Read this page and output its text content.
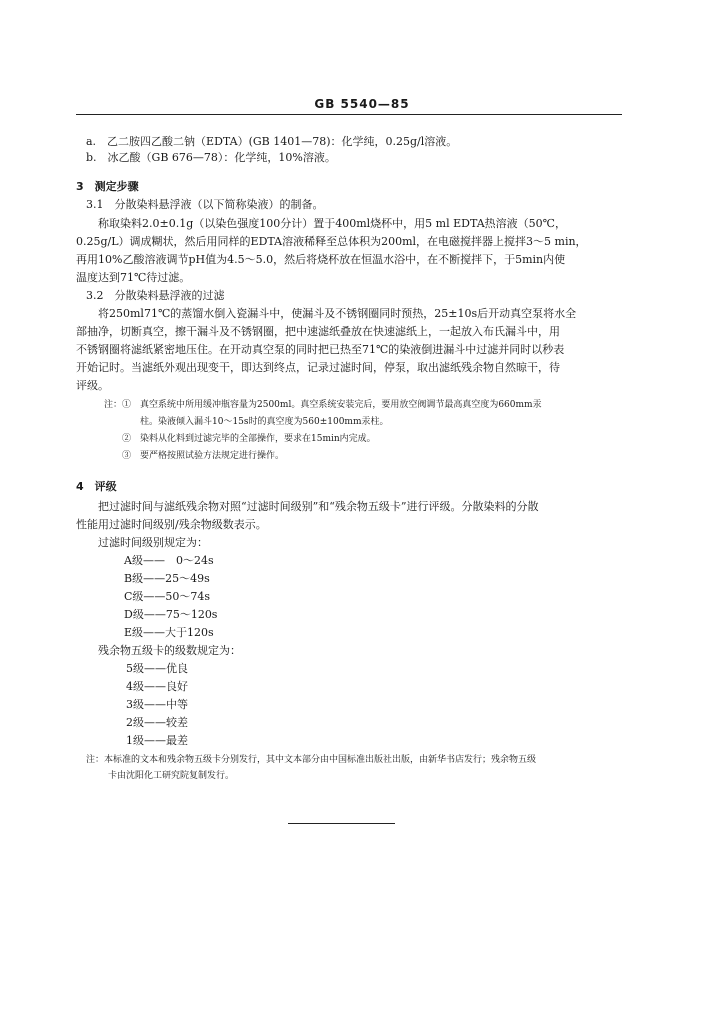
GB 5540—85
a.　乙二胺四乙酸二钠（EDTA）(GB 1401—78)：化学纯，0.25g/l溶液。
b.　冰乙酸（GB 676—78）：化学纯，10%溶液。
3　测定步骤
3.1　分散染料悬浮液（以下简称染液）的制备。
称取染料2.0±0.1g（以染色强度100分计）置于400ml烧杯中，用5 ml EDTA热溶液（50℃，
0.25g/L）调成糊状，然后用同样的EDTA溶液稀释至总体积为200ml，在电磁搅拌器上搅拌3～5 min，
再用10%乙酸溶液调节pH值为4.5～5.0，然后将烧杯放在恒温水浴中，在不断搅拌下，于5min内使
温度达到71℃待过滤。
3.2　分散染料悬浮液的过滤
将250ml71℃的蒸馏水倒入瓷漏斗中，使漏斗及不锈钢圈同时预热，25±10s后开动真空泵将水全
部抽净，切断真空，擦干漏斗及不锈钢圈，把中速滤纸叠放在快速滤纸上，一起放入布氏漏斗中，用
不锈钢圈将滤纸紧密地压住。在开动真空泵的同时把已热至71℃的染液倒进漏斗中过滤并同时以秒表
开始记时。当滤纸外观出现变干，即达到终点，记录过滤时间，停泵，取出滤纸残余物自然晾干，待
评级。
注：①　真空系统中所用缓冲瓶容量为2500ml。真空系统安装完后，要用放空阀调节最高真空度为660mm汞
柱。染液倾入漏斗10～15s时的真空度为560±100mm汞柱。
②　染料从化料到过滤完毕的全部操作，要求在15min内完成。
③　要严格按照试验方法规定进行操作。
4　评级
把过滤时间与滤纸残余物对照“过滤时间级别”和“残余物五级卡”进行评级。分散染料的分散
性能用过滤时间级别/残余物级数表示。
过滤时间级别规定为：
A级——　0～24s
B级——25～49s
C级——50～74s
D级——75～120s
E级——大于120s
残余物五级卡的级数规定为：
5级——优良
4级——良好
3级——中等
2级——较差
1级——最差
注：本标准的文本和残余物五级卡分别发行，其中文本部分由中国标准出版社出版，由新华书店发行；残余物五级
卡由沈阳化工研究院复制发行。
